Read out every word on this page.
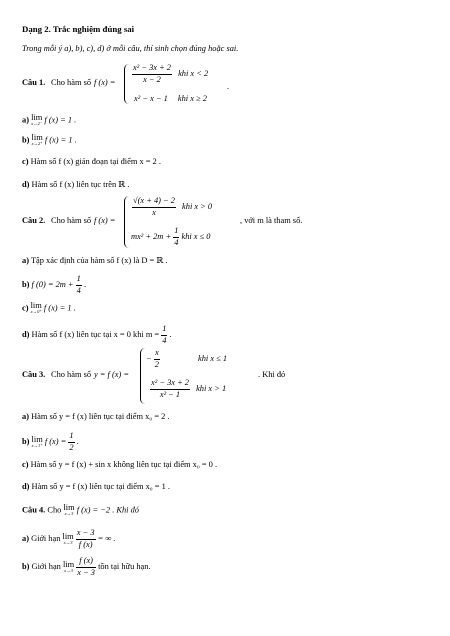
Dạng 2. Trắc nghiệm đúng sai
Trong mỗi ý a), b), c), d) ở mỗi câu, thí sinh chọn đúng hoặc sai.
Câu 1. Cho hàm số f $(x) = \frac{\text{x² − 3x + 2}}{x - 2}$ khi x < 2
x² − x − 1 khi x ≥ 2
.
a) lim
x→2⁻ f (x) = 1 .
b) lim
x→2⁺ f (x) = 1 .
c) Hàm số f (x) gián đoạn tại điểm x = 2 .
d) Hàm số f (x) liên tục trên ℝ .
Câu 2. Cho hàm số f (x) =
$\frac{√(x + 4) - 2}{x}$ khi x > 0
$mx^2 + 2m + \frac{1}{4}$ khi x ≤ 0
, với m là tham số.
a) Tập xác định của hàm số f (x) là D = ℝ .
b) f $(0) = 2m + \frac{1}{4}$ .
c) lim
x→0⁺ f (x) = 1 .
d) Hàm số f (x) liên tục tại x = 0 khi $m = \frac{1}{4}$ .
Câu 3. Cho hàm số y = f (x) =
− $\frac{x}{2}$	khi x ≤ 1
$\frac{\text{x² − 3x + 2}}{\text{x² − 1}}$ khi x > 1
. Khi đó
a) Hàm số y = f (x) liên tục tại điểm x₀ = 2 .
b) lim
x→1⁺ f $(x) = \frac{1}{2}$ .
c) Hàm số y = f (x) + sin x không liên tục tại điểm x₀ = 0 .
d) Hàm số y = f (x) liên tục tại điểm x₀ = 1 .
Câu 4. Cho lim
x→3 f (x) = −2 . Khi đó
a) Giới hạn lim
x→3
$\frac{x - 3}{f (x)}$ = ∞ .
b) Giới hạn lim
x→3
$\frac{f (x)}{x - 3}$ tồn tại hữu hạn.
